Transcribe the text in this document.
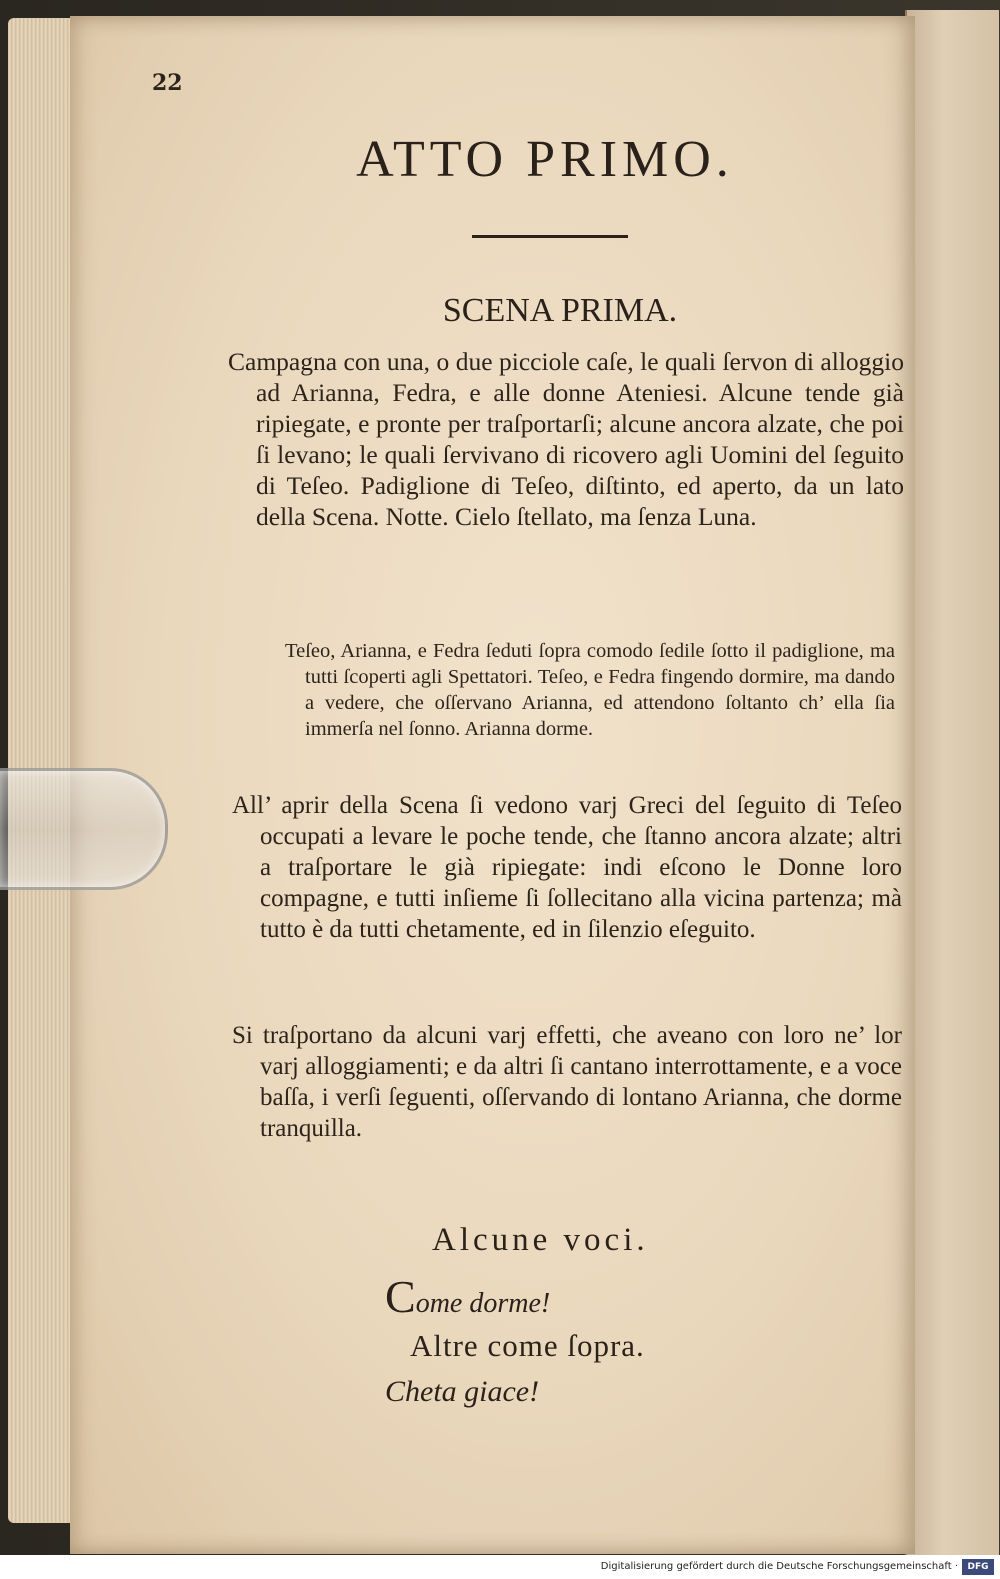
22
ATTO PRIMO.
SCENA PRIMA.

Campagna con una, o due picciole caſe, le quali ſervon di alloggio ad Arianna, Fedra, e alle donne Ateniesi. Alcune tende già ripiegate, e pronte per traſportarſi; alcune ancora alzate, che poi ſi levano; le quali ſervivano di ricovero agli Uomini del ſeguito di Teſeo. Padiglione di Teſeo, diſtinto, ed aperto, da un lato della Scena. Notte. Cielo ſtellato, ma ſenza Luna.

Teſeo, Arianna, e Fedra ſeduti ſopra comodo ſedile ſotto il padiglione, ma tutti ſcoperti agli Spettatori. Teſeo, e Fedra fingendo dormire, ma dando a vedere, che oſſervano Arianna, ed attendono ſoltanto ch’ ella ſia immerſa nel ſonno. Arianna dorme.

All’ aprir della Scena ſi vedono varj Greci del ſeguito di Teſeo occupati a levare le poche tende, che ſtanno ancora alzate; altri a traſportare le già ripiegate: indi eſcono le Donne loro compagne, e tutti inſieme ſi ſollecitano alla vicina partenza; mà tutto è da tutti chetamente, ed in ſilenzio eſeguito.

Si traſportano da alcuni varj effetti, che aveano con loro ne’ lor varj alloggiamenti; e da altri ſi cantano interrottamente, e a voce baſſa, i verſi ſeguenti, oſſervando di lontano Arianna, che dorme tranquilla.

Alcune voci.
Come dorme!
Altre come ſopra.
Cheta giace!
Digitalisierung gefördert durch die Deutsche Forschungsgemeinschaft ·	DFG
